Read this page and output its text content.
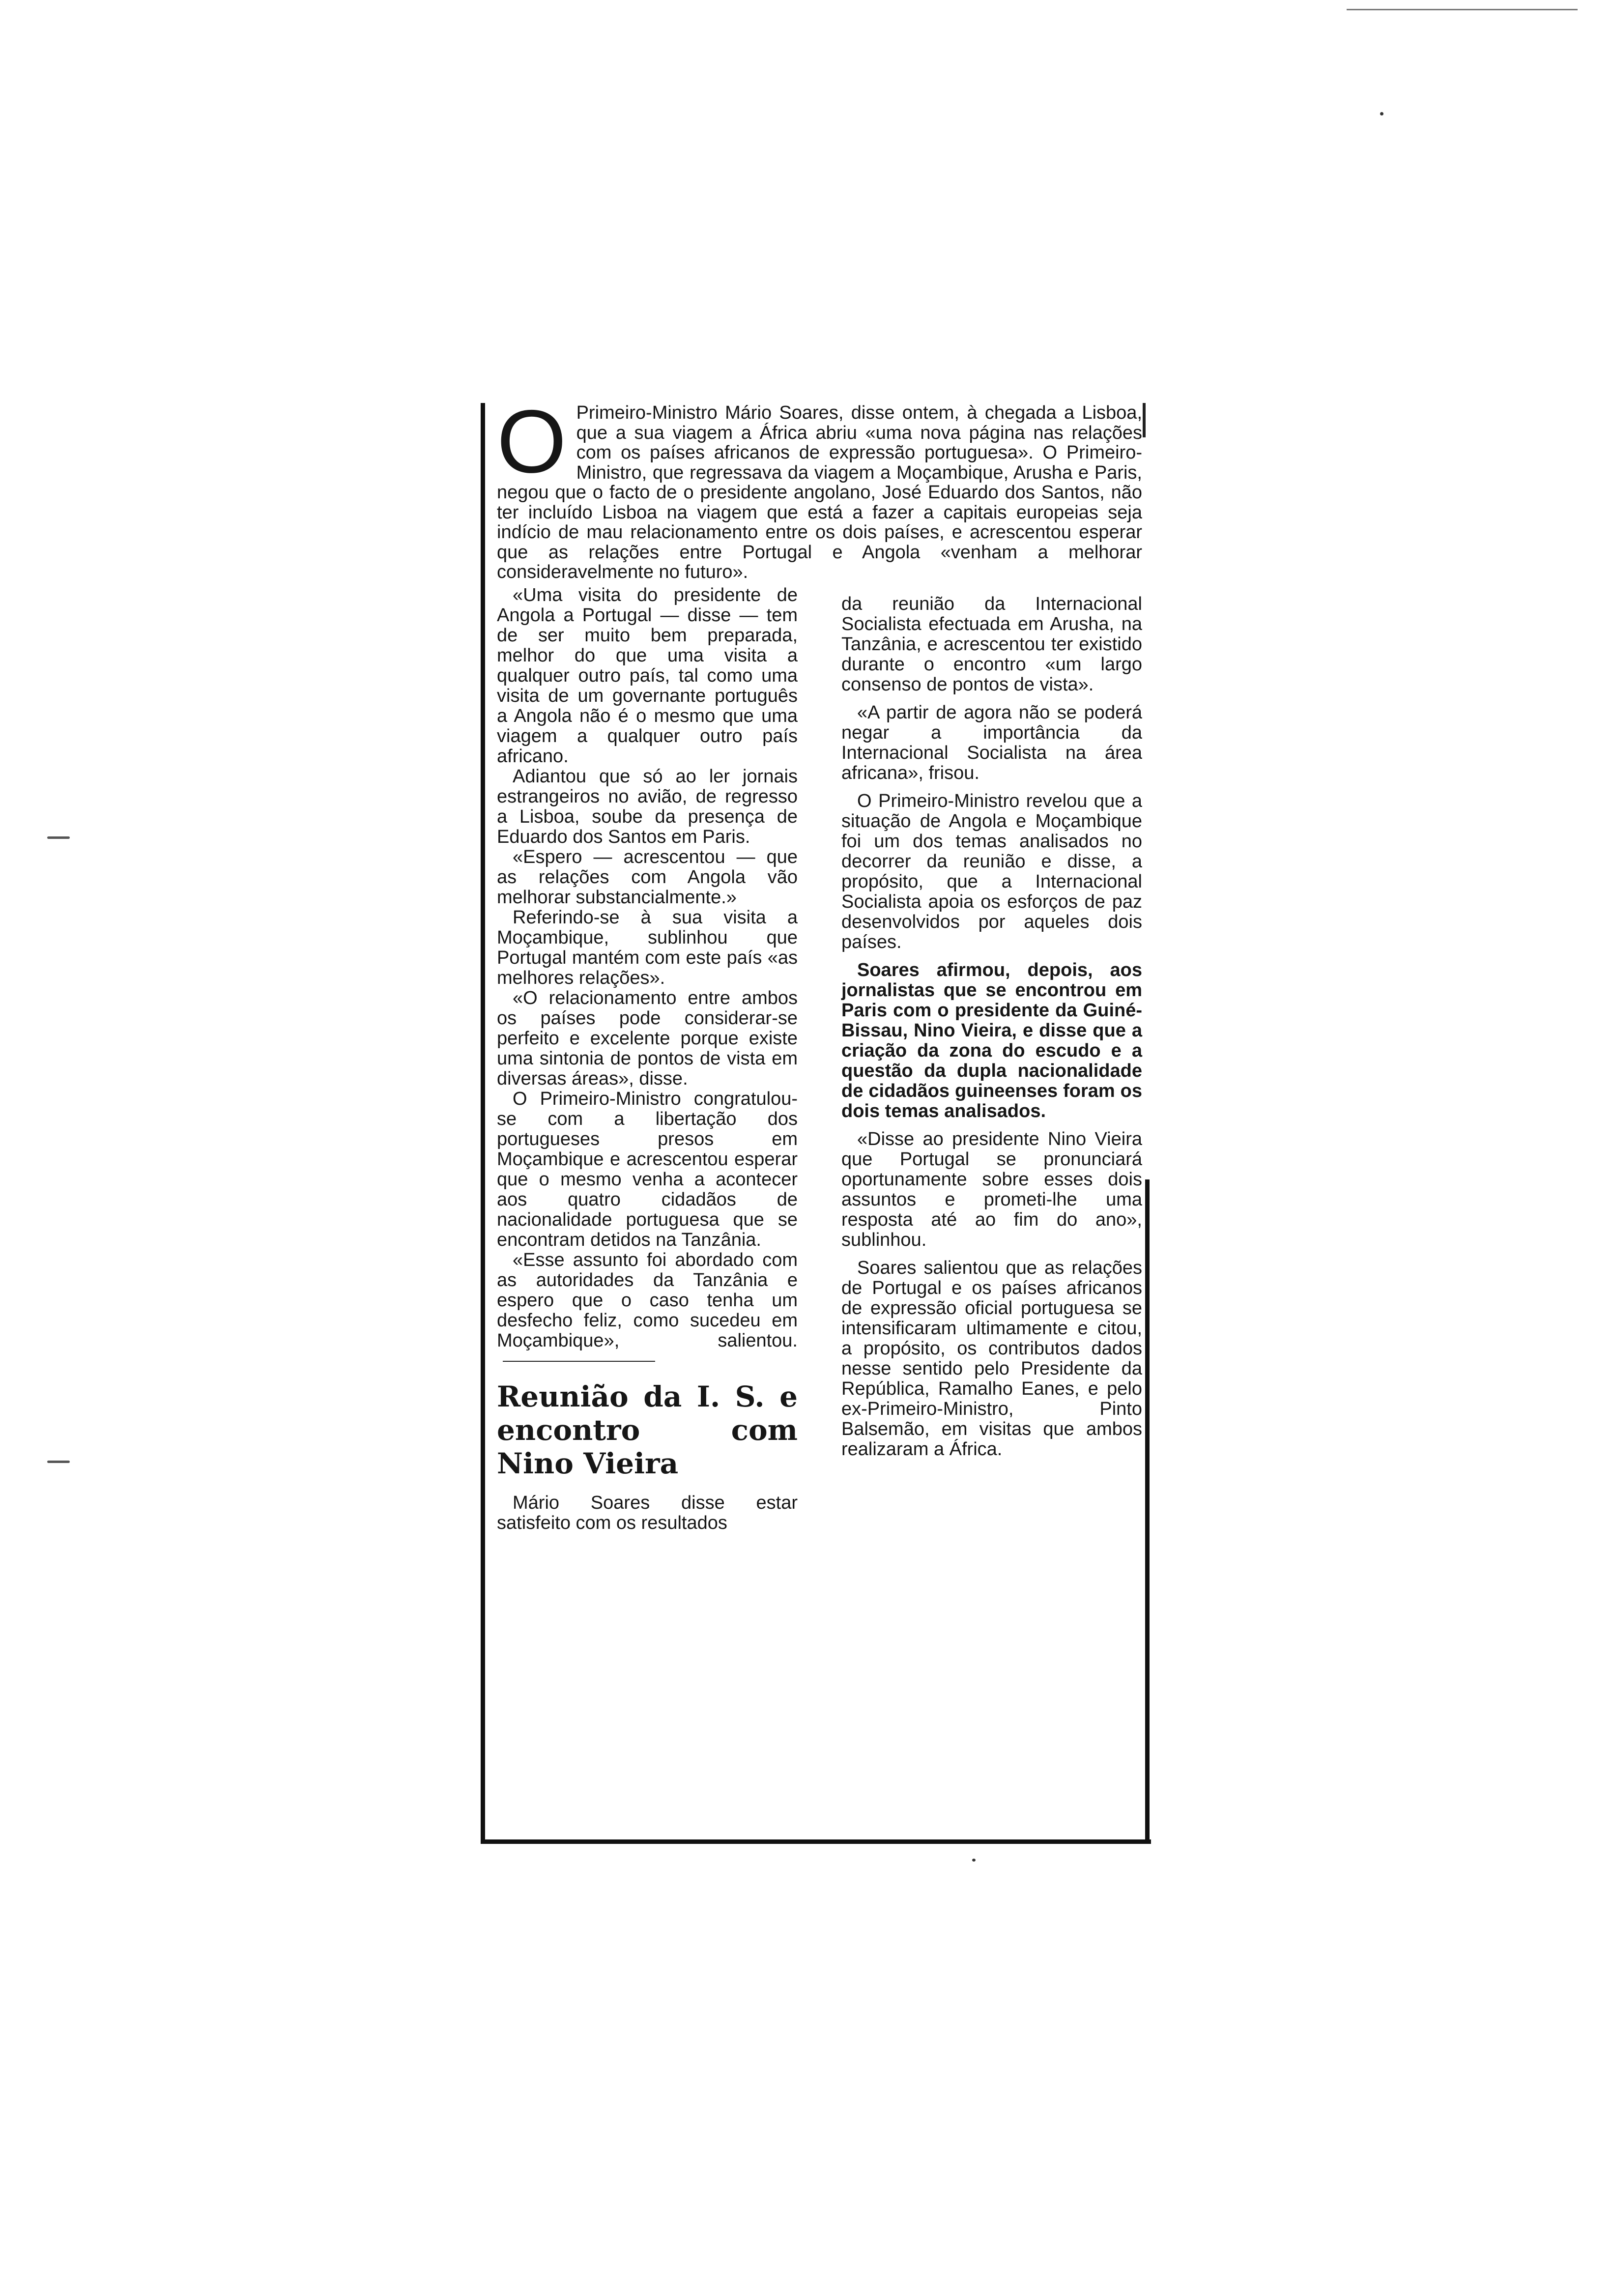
O Primeiro-Ministro Mário Soares, disse ontem, à chegada a Lisboa, que a sua viagem a África abriu «uma nova página nas relações com os países africanos de expressão portuguesa». O Primeiro-Ministro, que regressava da viagem a Moçambique, Arusha e Paris, negou que o facto de o presidente angolano, José Eduardo dos Santos, não ter incluído Lisboa na viagem que está a fazer a capitais europeias seja indício de mau relacionamento entre os dois países, e acrescentou esperar que as relações entre Portugal e Angola «venham a melhorar consideravelmente no futuro».

«Uma visita do presidente de Angola a Portugal — disse — tem de ser muito bem preparada, melhor do que uma visita a qualquer outro país, tal como uma visita de um governante português a Angola não é o mesmo que uma viagem a qualquer outro país africano.

Adiantou que só ao ler jornais estrangeiros no avião, de regresso a Lisboa, soube da presença de Eduardo dos Santos em Paris.

«Espero — acrescentou — que as relações com Angola vão melhorar substancialmente.»

Referindo-se à sua visita a Moçambique, sublinhou que Portugal mantém com este país «as melhores relações».

«O relacionamento entre ambos os países pode considerar-se perfeito e excelente porque existe uma sintonia de pontos de vista em diversas áreas», disse.

O Primeiro-Ministro congratulou-se com a libertação dos portugueses presos em Moçambique e acrescentou esperar que o mesmo venha a acontecer aos quatro cidadãos de nacionalidade portuguesa que se encontram detidos na Tanzânia.

«Esse assunto foi abordado com as autoridades da Tanzânia e espero que o caso tenha um desfecho feliz, como sucedeu em Moçambique», salientou.

Reunião da I. S. e encontro com Nino Vieira

Mário Soares disse estar satisfeito com os resultados

da reunião da Internacional Socialista efectuada em Arusha, na Tanzânia, e acrescentou ter existido durante o encontro «um largo consenso de pontos de vista».

«A partir de agora não se poderá negar a importância da Internacional Socialista na área africana», frisou.

O Primeiro-Ministro revelou que a situação de Angola e Moçambique foi um dos temas analisados no decorrer da reunião e disse, a propósito, que a Internacional Socialista apoia os esforços de paz desenvolvidos por aqueles dois países.

Soares afirmou, depois, aos jornalistas que se encontrou em Paris com o presidente da Guiné-Bissau, Nino Vieira, e disse que a criação da zona do escudo e a questão da dupla nacionalidade de cidadãos guineenses foram os dois temas analisados.

«Disse ao presidente Nino Vieira que Portugal se pronunciará oportunamente sobre esses dois assuntos e prometi-lhe uma resposta até ao fim do ano», sublinhou.

Soares salientou que as relações de Portugal e os países africanos de expressão oficial portuguesa se intensificaram ultimamente e citou, a propósito, os contributos dados nesse sentido pelo Presidente da República, Ramalho Eanes, e pelo ex-Primeiro-Ministro, Pinto Balsemão, em visitas que ambos realizaram a África.
